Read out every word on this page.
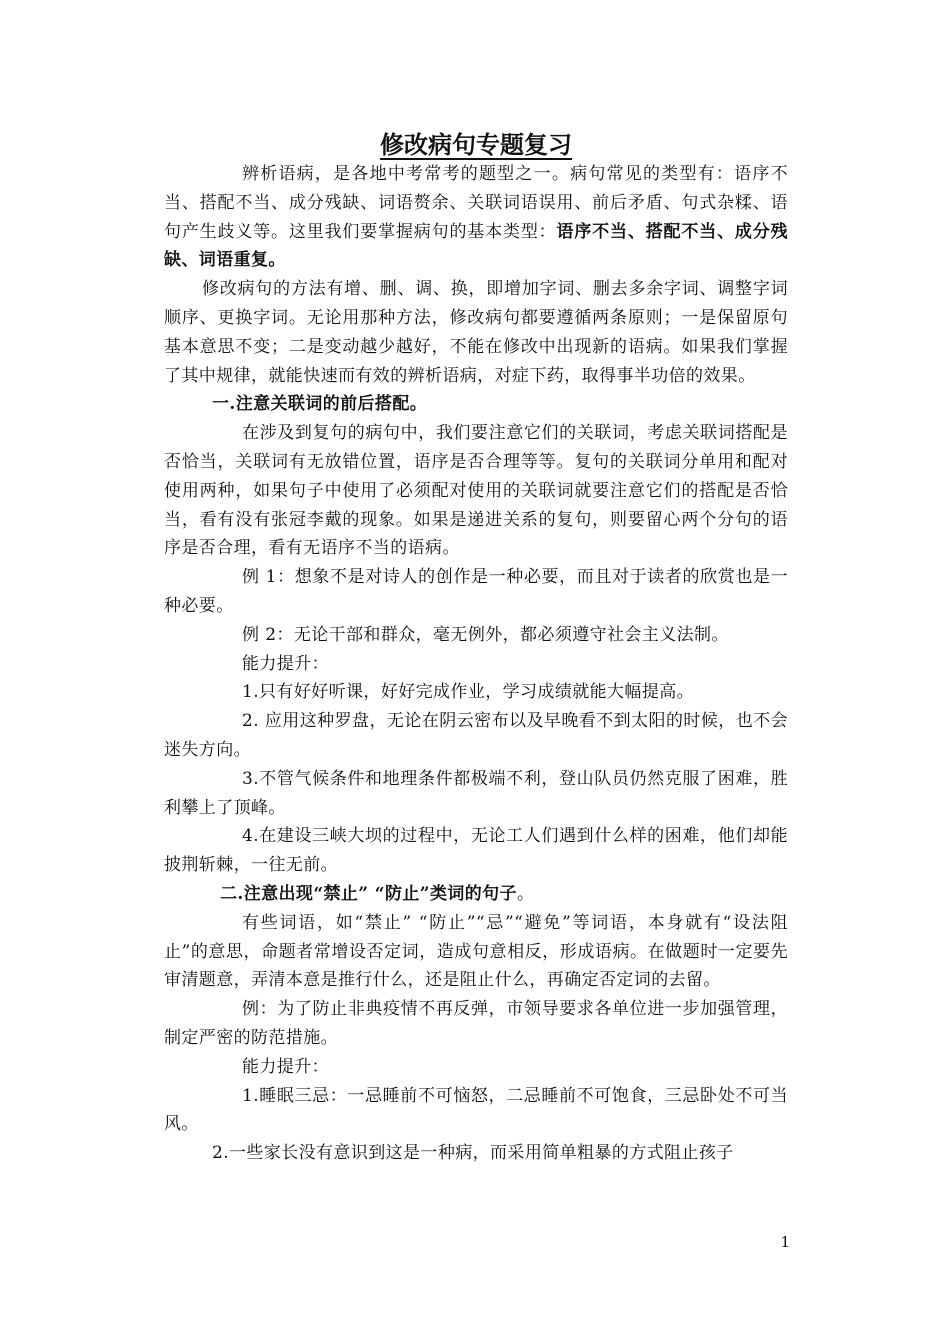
修改病句专题复习

辨析语病，是各地中考常考的题型之一。病句常见的类型有：语序不当、搭配不当、成分残缺、词语赘余、关联词语误用、前后矛盾、句式杂糅、语句产生歧义等。这里我们要掌握病句的基本类型：语序不当、搭配不当、成分残缺、词语重复。

修改病句的方法有增、删、调、换，即增加字词、删去多余字词、调整字词顺序、更换字词。无论用那种方法，修改病句都要遵循两条原则；一是保留原句基本意思不变；二是变动越少越好，不能在修改中出现新的语病。如果我们掌握了其中规律，就能快速而有效的辨析语病，对症下药，取得事半功倍的效果。

一.注意关联词的前后搭配。

在涉及到复句的病句中，我们要注意它们的关联词，考虑关联词搭配是否恰当，关联词有无放错位置，语序是否合理等等。复句的关联词分单用和配对使用两种，如果句子中使用了必须配对使用的关联词就要注意它们的搭配是否恰当，看有没有张冠李戴的现象。如果是递进关系的复句，则要留心两个分句的语序是否合理，看有无语序不当的语病。

例 1：想象不是对诗人的创作是一种必要，而且对于读者的欣赏也是一种必要。

例 2：无论干部和群众，毫无例外，都必须遵守社会主义法制。

能力提升：

1.只有好好听课，好好完成作业，学习成绩就能大幅提高。

2. 应用这种罗盘，无论在阴云密布以及早晚看不到太阳的时候，也不会迷失方向。

3.不管气候条件和地理条件都极端不利，登山队员仍然克服了困难，胜利攀上了顶峰。

4.在建设三峡大坝的过程中，无论工人们遇到什么样的困难，他们却能披荆斩棘，一往无前。

二.注意出现“禁止” “防止”类词的句子。

有些词语，如“禁止” “防止”“忌”“避免”等词语，本身就有“设法阻止”的意思，命题者常增设否定词，造成句意相反，形成语病。在做题时一定要先审清题意，弄清本意是推行什么，还是阻止什么，再确定否定词的去留。

例：为了防止非典疫情不再反弹，市领导要求各单位进一步加强管理，制定严密的防范措施。

能力提升：

1.睡眠三忌：一忌睡前不可恼怒，二忌睡前不可饱食，三忌卧处不可当风。

2.一些家长没有意识到这是一种病，而采用简单粗暴的方式阻止孩子

1
